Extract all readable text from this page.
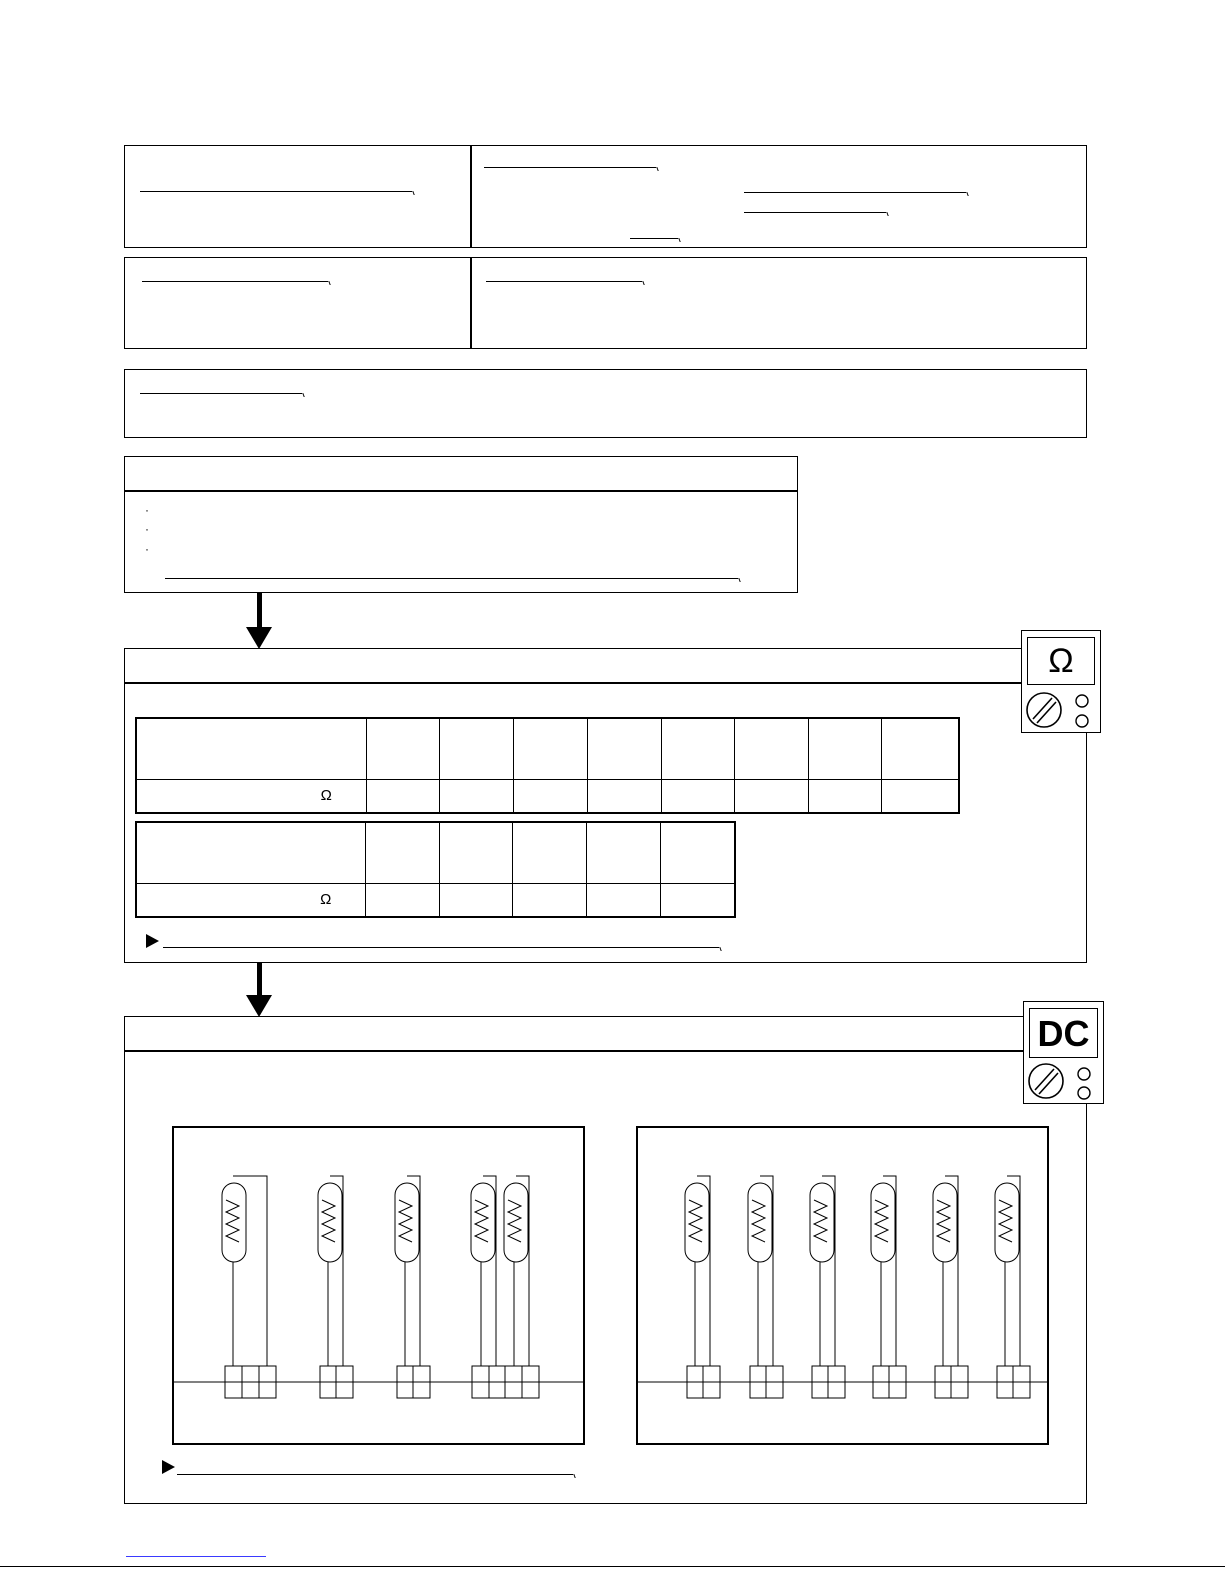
·
·
·
Ω

Ω								

Ω					
DC
